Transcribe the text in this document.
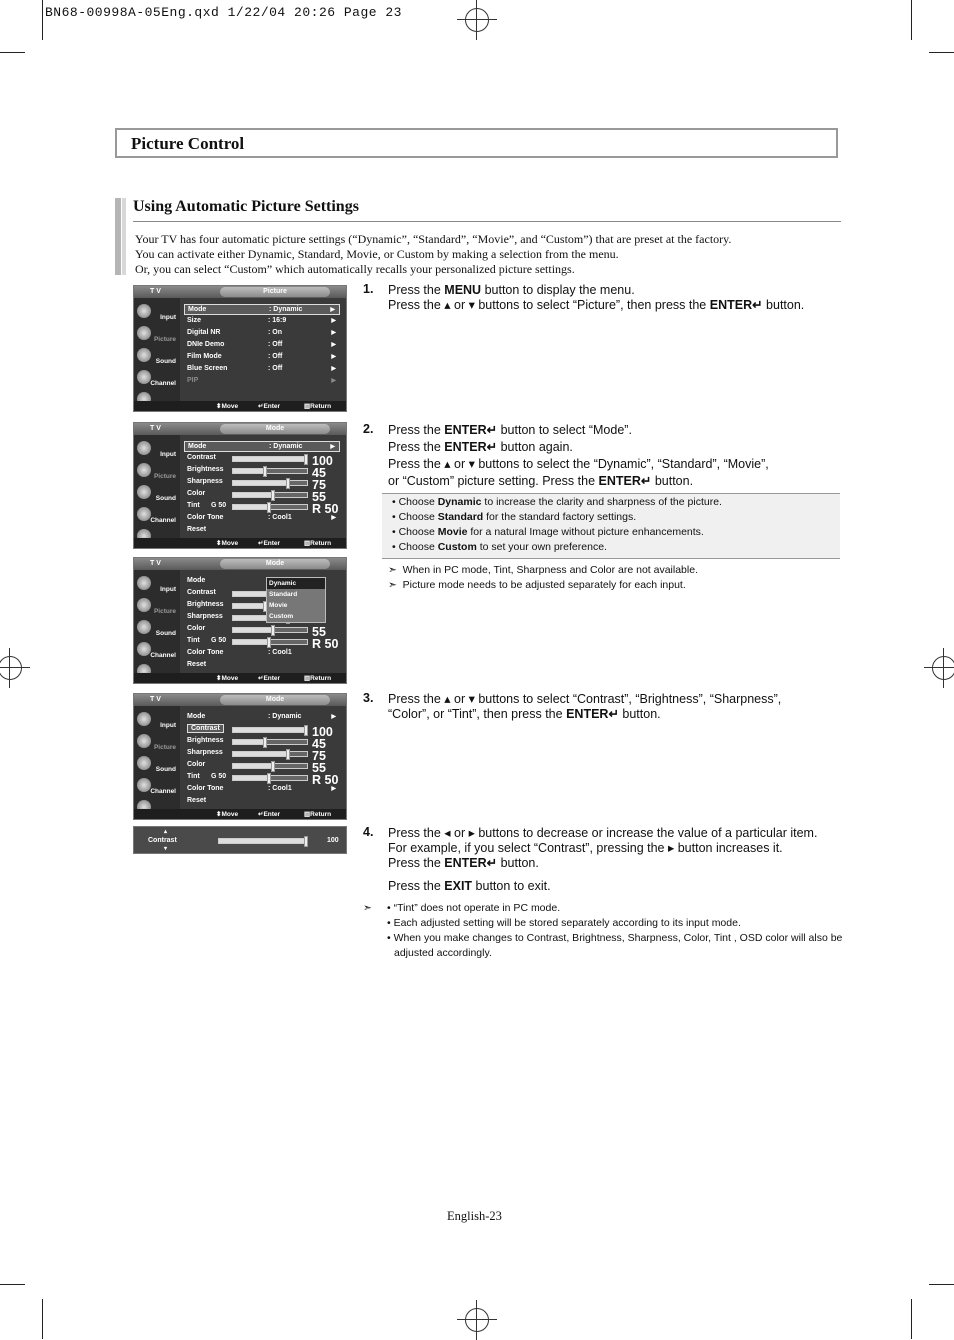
BN68-00998A-05Eng.qxd 1/22/04 20:26 Page 23
Picture Control
Using Automatic Picture Settings
Your TV has four automatic picture settings (“Dynamic”, “Standard”, “Movie”, and “Custom”) that are preset at the factory.
You can activate either Dynamic, Standard, Movie, or Custom by making a selection from the menu.
Or, you can select “Custom” which automatically recalls your personalized picture settings.
T V	Picture
Input
Picture
Sound
Channel
Mode	: Dynamic	▶
Size	: 16:9	▶
Digital NR	: On	▶
DNIe Demo	: Off	▶
Film Mode	: Off	▶
Blue Screen	: Off	▶
PIP	▶
⬍Move	↵Enter	▥Return
T V	Mode
Input
Picture
Sound
Channel
Mode	: Dynamic	▶
Contrast	100
Brightness	45
Sharpness	75
Color	55
Tint G 50	R 50
Color Tone	: Cool1	▶
Reset
⬍Move	↵Enter	▥Return
T V	Mode
Input
Picture
Sound
Channel
Mode
Contrast
Brightness
Sharpness
Color	55
Tint G 50	R 50
Color Tone	: Cool1
Reset
Dynamic
Standard
Movie
Custom
⬍Move	↵Enter	▥Return
T V	Mode
Input
Picture
Sound
Channel
Mode	: Dynamic	▶
Contrast	100
Brightness	45
Sharpness	75
Color	55
Tint G 50	R 50
Color Tone	: Cool1	▶
Reset
⬍Move	↵Enter	▥Return
▴
Contrast
▾
100
1. Press the MENU button to display the menu.
Press the ▴ or ▾ buttons to select “Picture”, then press the ENTER↵ button.
2. Press the ENTER↵ button to select “Mode”.
Press the ENTER↵ button again.
Press the ▴ or ▾ buttons to select the “Dynamic”, “Standard”, “Movie”,
or “Custom” picture setting. Press the ENTER↵ button.
• Choose Dynamic to increase the clarity and sharpness of the picture.
• Choose Standard for the standard factory settings.
• Choose Movie for a natural Image without picture enhancements.
• Choose Custom to set your own preference.
➣ When in PC mode, Tint, Sharpness and Color are not available.
➣ Picture mode needs to be adjusted separately for each input.
3. Press the ▴ or ▾ buttons to select “Contrast”, “Brightness”, “Sharpness”,
“Color”, or “Tint”, then press the ENTER↵ button.
4. Press the ◂ or ▸ buttons to decrease or increase the value of a particular item.
For example, if you select “Contrast”, pressing the ▸ button increases it.
Press the ENTER↵ button.
Press the EXIT button to exit.
➣ • “Tint” does not operate in PC mode.
• Each adjusted setting will be stored separately according to its input mode.
• When you make changes to Contrast, Brightness, Sharpness, Color, Tint , OSD color will also be
adjusted accordingly.
English-23
